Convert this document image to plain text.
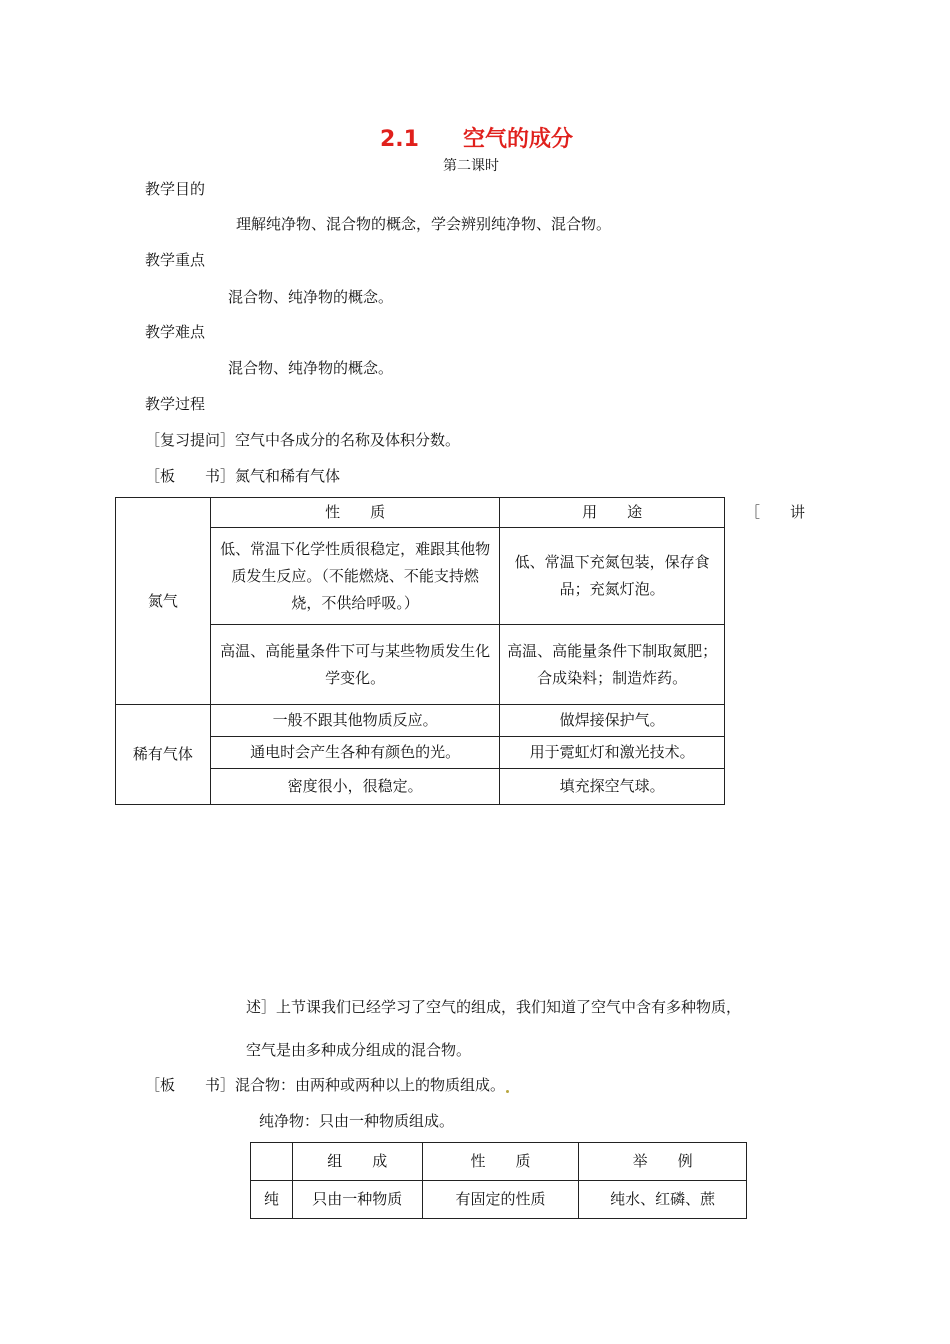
2.1 空气的成分
第二课时
教学目的
理解纯净物、混合物的概念，学会辨别纯净物、混合物。
教学重点
混合物、纯净物的概念。
教学难点
混合物、纯净物的概念。
教学过程
［复习提问］空气中各成分的名称及体积分数。
［板　　书］氮气和稀有气体
［　　讲
氮气	性　　质	用　　途
	低、常温下化学性质很稳定，难跟其他物质发生反应。（不能燃烧、不能支持燃烧，不供给呼吸。）	低、常温下充氮包装，保存食品；充氮灯泡。
	高温、高能量条件下可与某些物质发生化学变化。	高温、高能量条件下制取氮肥；合成染料；制造炸药。
稀有气体	一般不跟其他物质反应。	做焊接保护气。
	通电时会产生各种有颜色的光。	用于霓虹灯和激光技术。
	密度很小，很稳定。	填充探空气球。
述］上节课我们已经学习了空气的组成，我们知道了空气中含有多种物质，
空气是由多种成分组成的混合物。
［板　　书］混合物：由两种或两种以上的物质组成。
纯净物：只由一种物质组成。
	组　　成	性　　质	举　　例
纯	只由一种物质	有固定的性质	纯水、红磷、蔗
